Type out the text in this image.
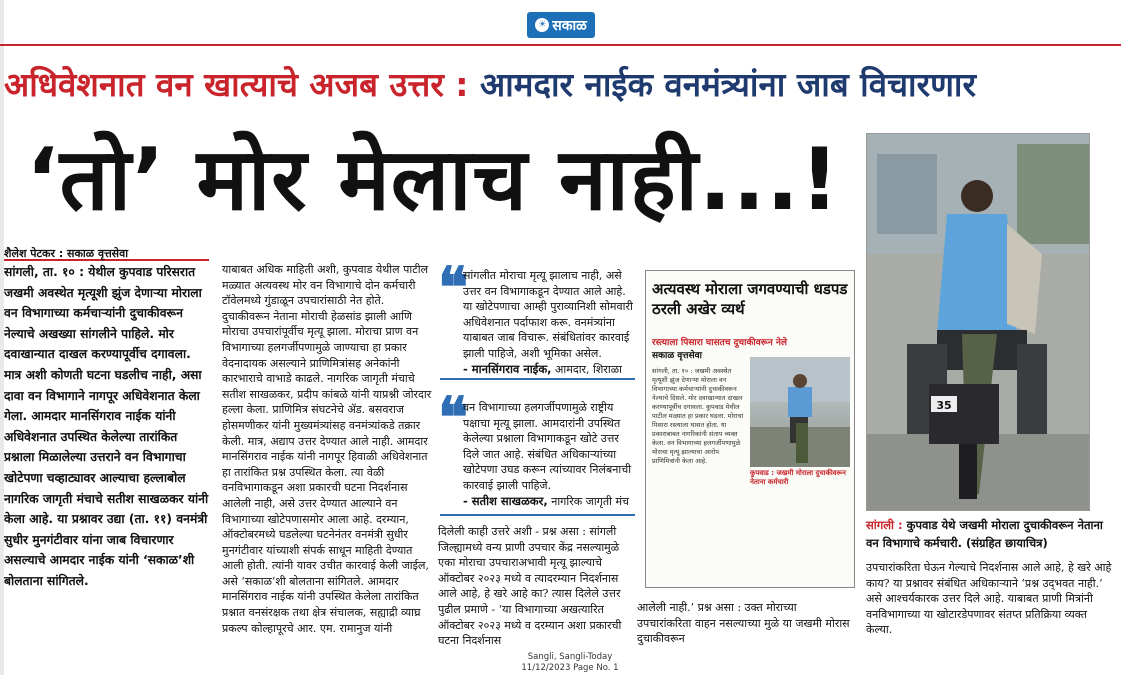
☀ सकाळ
अधिवेशनात वन खात्याचे अजब उत्तर : आमदार नाईक वनमंत्र्यांना जाब विचारणार
‘तो’ मोर मेलाच नाही...!
शैलेश पेटकर : सकाळ वृत्तसेवा
सांगली, ता. १० : येथील कुपवाड परिसरात जखमी अवस्थेत मृत्यूशी झुंज देणाऱ्या मोराला वन विभागाच्या कर्मचाऱ्यांनी दुचाकीवरून नेल्याचे अखख्या सांगलीने पाहिले. मोर दवाखान्यात दाखल करण्यापूर्वीच दगावला. मात्र अशी कोणती घटना घडलीच नाही, असा दावा वन विभागाने नागपूर अधिवेशनात केला गेला. आमदार मानसिंगराव नाईक यांनी अधिवेशनात उपस्थित केलेल्या तारांकित प्रश्नाला मिळालेल्या उत्तराने वन विभागाचा खोटेपणा चव्हाट्यावर आल्याचा हल्लाबोल नागरिक जागृती मंचाचे सतीश साखळकर यांनी केला आहे. या प्रश्नावर उद्या (ता. ११) वनमंत्री सुधीर मुनगंटीवार यांना जाब विचारणार असल्याचे आमदार नाईक यांनी ‘सकाळ’शी बोलताना सांगितले.
याबाबत अधिक माहिती अशी, कुपवाड येथील पाटील मळ्यात अत्यवस्थ मोर वन विभागाचे दोन कर्मचारी टॉवेलमध्ये गुंडाळून उपचारांसाठी नेत होते. दुचाकीवरून नेताना मोराची हेळसांड झाली आणि मोराचा उपचारांपूर्वीच मृत्यू झाला. मोराचा प्राण वन विभागाच्या हलगर्जीपणामुळे जाण्याचा हा प्रकार वेदनादायक असल्याने प्राणिमित्रांसह अनेकांनी कारभाराचे वाभाडे काढले. नागरिक जागृती मंचाचे सतीश साखळकर, प्रदीप कांबळे यांनी याप्रश्नी जोरदार हल्ला केला. प्राणिमित्र संघटनेचे ॲड. बसवराज होसमणीकर यांनी मुख्यमंत्र्यांसह वनमंत्र्यांकडे तक्रार केली. मात्र, अद्याप उत्तर देण्यात आले नाही. आमदार मानसिंगराव नाईक यांनी नागपूर हिवाळी अधिवेशनात हा तारांकित प्रश्न उपस्थित केला. त्या वेळी वनविभागाकडून अशा प्रकारची घटना निदर्शनास आलेली नाही, असे उत्तर देण्यात आल्याने वन विभागाच्या खोटेपणासमोर आला आहे. दरम्यान, ऑक्टोबरमध्ये घडलेल्या घटनेनंतर वनमंत्री सुधीर मुनगंटीवार यांच्याशी संपर्क साधून माहिती देण्यात आली होती. त्यांनी यावर उचीत कारवाई केली जाईल, असे ‘सकाळ’शी बोलताना सांगितले. आमदार मानसिंगराव नाईक यांनी उपस्थित केलेला तारांकित प्रश्नात वनसंरक्षक तथा क्षेत्र संचालक, सह्याद्री व्याघ्र प्रकल्प कोल्हापूरचे आर. एम. रामानुज यांनी
❝
सांगलीत मोराचा मृत्यू झालाच नाही, असे उत्तर वन विभागाकडून देण्यात आले आहे. या खोटेपणाचा आम्ही पुराव्यानिशी सोमवारी अधिवेशनात पर्दाफाश करू. वनमंत्र्यांना याबाबत जाब विचारू. संबंधितांवर कारवाई झाली पाहिजे, अशी भूमिका असेल.
- मानसिंगराव नाईक, आमदार, शिराळा
❝
वन विभागाच्या हलगर्जीपणामुळे राष्ट्रीय पक्षाचा मृत्यू झाला. आमदारांनी उपस्थित केलेल्या प्रश्नाला विभागाकडून खोटे उत्तर दिले जात आहे. संबंधित अधिकाऱ्यांच्या खोटेपणा उघड करून त्यांच्यावर निलंबनाची कारवाई झाली पाहिजे.
- सतीश साखळकर, नागरिक जागृती मंच
दिलेली काही उत्तरे अशी - प्रश्न असा : सांगली जिल्ह्यामध्ये वन्य प्राणी उपचार केंद्र नसल्यामुळे एका मोराचा उपचाराअभावी मृत्यू झाल्याचे ऑक्टोबर २०२३ मध्ये व त्यादरम्यान निदर्शनास आले आहे, हे खरे आहे का? त्यास दिलेले उत्तर पुढील प्रमाणे - ‘या विभागाच्या अखत्यारित ऑक्टोबर २०२३ मध्ये व दरम्यान अशा प्रकारची घटना निदर्शनास
अत्यवस्थ मोराला जगवण्याची धडपड ठरली अखेर व्यर्थ
रस्त्याला पिसारा घासतच दुचाकीवरून नेले
सकाळ वृत्तसेवा
सांगली, ता. १० : जखमी अवस्थेत मृत्यूशी झुंज देणाऱ्या मोराला वन विभागाच्या कर्मचाऱ्यांनी दुचाकीवरून नेल्याचे दिसले. मोर दवाखान्यात दाखल करण्यापूर्वीच दगावला. कुपवाड येथील पाटील मळ्यात हा प्रकार घडला. मोराचा पिसारा रस्त्याला घासत होता. या प्रकाराबाबत नागरिकांनी संताप व्यक्त केला. वन विभागाच्या हलगर्जीपणामुळे मोराचा मृत्यू झाल्याचा आरोप प्राणिमित्रांनी केला आहे.
कुपवाड : जखमी मोराला दुचाकीवरून नेताना कर्मचारी
आलेली नाही.’ प्रश्न असा : उक्त मोराच्या उपचारांकरिता वाहन नसल्याच्या मुळे या जखमी मोरास दुचाकीवरून
35
सांगली : कुपवाड येथे जखमी मोराला दुचाकीवरून नेताना वन विभागाचे कर्मचारी. (संग्रहित छायाचित्र)
उपचारांकरिता घेऊन गेल्याचे निदर्शनास आले आहे, हे खरे आहे काय? या प्रश्नावर संबंधित अधिकाऱ्याने ‘प्रश्न उद्‌भवत नाही.’ असे आश्चर्यकारक उत्तर दिले आहे. याबाबत प्राणी मित्रांनी वनविभागाच्या या खोटारडेपणावर संतप्त प्रतिक्रिया व्यक्त केल्या.
Sangli, Sangli-Today
11/12/2023 Page No. 1
